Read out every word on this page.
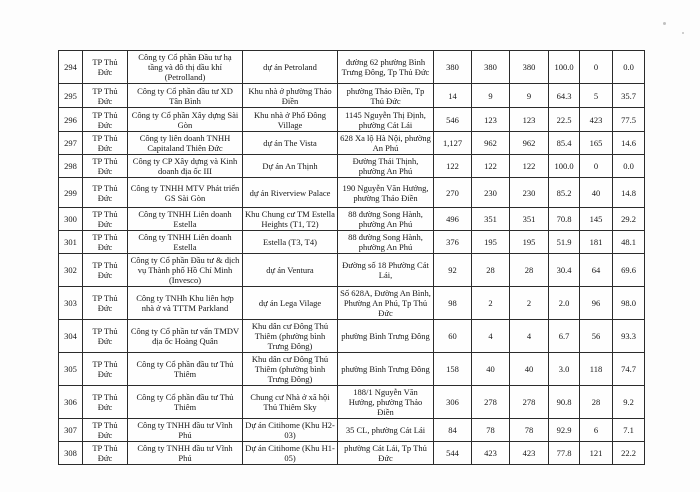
294	TP Thủ Đức	Công ty Cổ phần Đầu tư hạ tầng và đô thị dầu khí (Petrolland)	dự án Petroland	đường 62 phường Bình Trưng Đông, Tp Thủ Đức	380	380	380	100.0	0	0.0
295	TP Thủ Đức	Công ty Cổ phần đầu tư XD Tân Bình	Khu nhà ở phường Thảo Điền	phường Thảo Điền, Tp Thủ Đức	14	9	9	64.3	5	35.7
296	TP Thủ Đức	Công ty Cổ phần Xây dựng Sài Gòn	Khu nhà ở Phố Đông Village	1145 Nguyễn Thị Định, phường Cát Lái	546	123	123	22.5	423	77.5
297	TP Thủ Đức	Công ty liên doanh TNHH Capitaland Thiên Đức	dự án The Vista	628 Xa lộ Hà Nội, phường An Phú	1,127	962	962	85.4	165	14.6
298	TP Thủ Đức	Công ty CP Xây dựng và Kinh doanh địa ốc III	Dự án An Thịnh	Đường Thái Thịnh, phường An Phú	122	122	122	100.0	0	0.0
299	TP Thủ Đức	Công ty TNHH MTV Phát triển GS Sài Gòn	dự án Riverview Palace	190 Nguyễn Văn Hưởng, phường Thảo Điền	270	230	230	85.2	40	14.8
300	TP Thủ Đức	Công ty TNHH Liên doanh Estella	Khu Chung cư TM Estella Heights (T1, T2)	88 đường Song Hành, phường An Phú	496	351	351	70.8	145	29.2
301	TP Thủ Đức	Công ty TNHH Liên doanh Estella	Estella (T3, T4)	88 đường Song Hành, phường An Phú	376	195	195	51.9	181	48.1
302	TP Thủ Đức	Công ty Cổ phần Đầu tư & dịch vụ Thành phố Hồ Chí Minh (Invesco)	dự án Ventura	Đường số 18 Phường Cát Lái,	92	28	28	30.4	64	69.6
303	TP Thủ Đức	Công ty TNHh Khu liên hợp nhà ở và TTTM Parkland	dự án Lega Vilage	Số 628A, Đường An Bình, Phường An Phú, Tp Thủ Đức	98	2	2	2.0	96	98.0
304	TP Thủ Đức	Công ty Cổ phần tư vấn TMDV địa ốc Hoàng Quân	Khu dân cư Đông Thủ Thiêm (phường bình Trưng Đông)	phường Bình Trưng Đông	60	4	4	6.7	56	93.3
305	TP Thủ Đức	Công ty Cổ phần đầu tư Thủ Thiêm	Khu dân cư Đông Thủ Thiêm (phường bình Trưng Đông)	phường Bình Trưng Đông	158	40	40	3.0	118	74.7
306	TP Thủ Đức	Công ty Cổ phần đầu tư Thủ Thiêm	Chung cư Nhà ở xã hội Thủ Thiêm Sky	188/1 Nguyễn Văn Hưởng, phường Thảo Điền	306	278	278	90.8	28	9.2
307	TP Thủ Đức	Công ty TNHH đầu tư Vĩnh Phú	Dự án Citihome (Khu H2-03)	35 CL, phường Cát Lái	84	78	78	92.9	6	7.1
308	TP Thủ Đức	Công ty TNHH đầu tư Vĩnh Phú	Dự án Citihome (Khu H1-05)	phường Cát Lái, Tp Thủ Đức	544	423	423	77.8	121	22.2
